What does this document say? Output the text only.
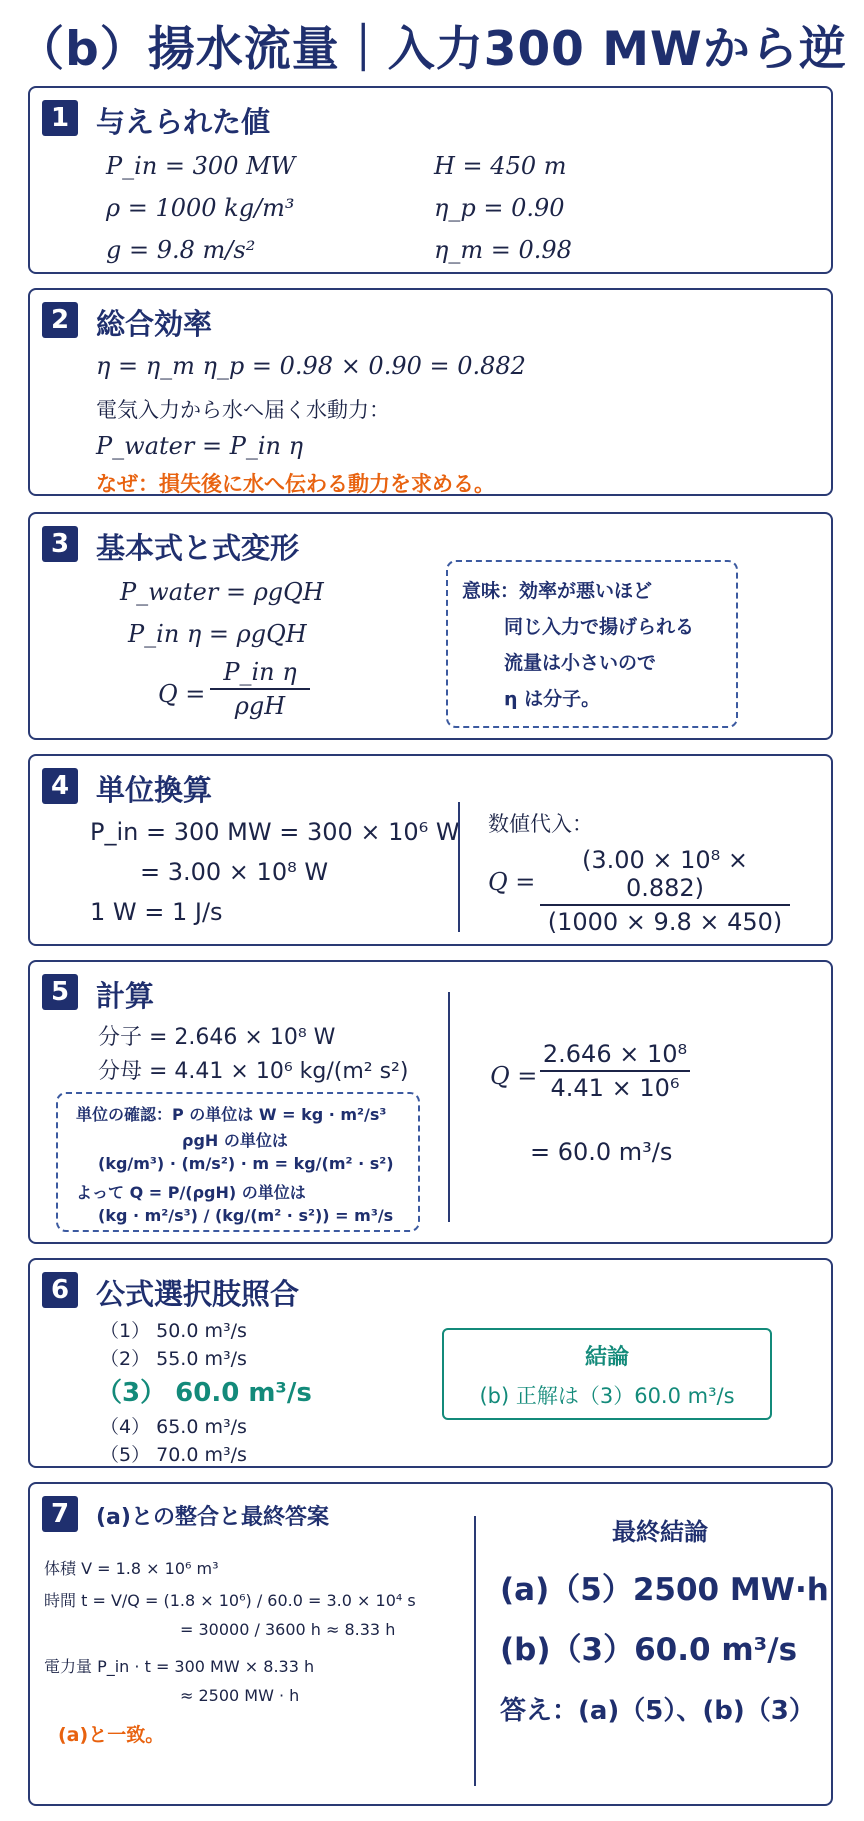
（b）揚水流量｜入力300 MWから逆
1 与えられた値
P_in = 300 MW
ρ = 1000 kg/m³
g = 9.8 m/s²
H = 450 m
η_p = 0.90
η_m = 0.98
2 総合効率
η = η_m η_p = 0.98 × 0.90 = 0.882
電気入力から水へ届く水動力：
P_water = P_in η
なぜ：損失後に水へ伝わる動力を求める。
3 基本式と式変形
P_water = ρgQH
P_in η = ρgQH
Q =
P_in η
ρgH
意味：効率が悪いほど
同じ入力で揚げられる
流量は小さいので
η は分子。
4 単位換算
P_in = 300 MW = 300 × 10⁶ W
= 3.00 × 10⁸ W
1 W = 1 J/s
数値代入：
Q =
(3.00 × 10⁸ × 0.882)
(1000 × 9.8 × 450)
5 計算
分子 = 2.646 × 10⁸ W
分母 = 4.41 × 10⁶ kg/(m² s²)
単位の確認：P の単位は W = kg · m²/s³
ρgH の単位は
(kg/m³) · (m/s²) · m = kg/(m² · s²)
よって Q = P/(ρgH) の単位は
(kg · m²/s³) / (kg/(m² · s²)) = m³/s
Q =
2.646 × 10⁸
4.41 × 10⁶
= 60.0 m³/s
6 公式選択肢照合
（1） 50.0 m³/s
（2） 55.0 m³/s
（3） 60.0 m³/s
（4） 65.0 m³/s
（5） 70.0 m³/s
結論
(b) 正解は（3）60.0 m³/s
7	(a)との整合と最終答案
体積 V = 1.8 × 10⁶ m³
時間 t = V/Q = (1.8 × 10⁶) / 60.0 = 3.0 × 10⁴ s
= 30000 / 3600 h ≈ 8.33 h
電力量 P_in · t = 300 MW × 8.33 h
≈ 2500 MW · h
(a)と一致。
最終結論
(a)（5）2500 MW·h
(b)（3）60.0 m³/s
答え：(a)（5）、(b)（3）
